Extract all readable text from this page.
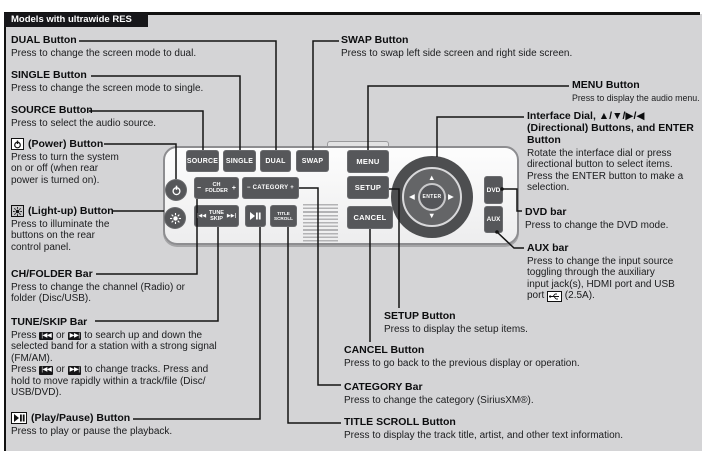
Models with ultrawide RES
DUAL Button
Press to change the screen mode to dual.
SINGLE Button
Press to change the screen mode to single.
SOURCE Button
Press to select the audio source.
(Power) Button
Press to turn the system
on or off (when rear
power is turned on).
(Light-up) Button
Press to illuminate the
buttons on the rear
control panel.
CH/FOLDER Bar
Press to change the channel (Radio) or
folder (Disc/USB).
TUNE/SKIP Bar
Press |◀◀ or ▶▶| to search up and down the
selected band for a station with a strong signal
(FM/AM).
Press |◀◀ or ▶▶| to change tracks. Press and
hold to move rapidly within a track/file (Disc/
USB/DVD).
(Play/Pause) Button
Press to play or pause the playback.
SWAP Button
Press to swap left side screen and right side screen.
MENU Button
Press to display the audio menu.
Interface Dial, ▲/▼/▶/◀
(Directional) Buttons, and ENTER
Button
Rotate the interface dial or press
directional button to select items.
Press the ENTER button to make a
selection.
DVD bar
Press to change the DVD mode.
AUX bar
Press to change the input source
toggling through the auxiliary
input jack(s), HDMI port and USB
port (2.5A).
SETUP Button
Press to display the setup items.
CANCEL Button
Press to go back to the previous display or operation.
CATEGORY Bar
Press to change the category (SiriusXM®).
TITLE SCROLL Button
Press to display the track title, artist, and other text information.
SOURCE	SINGLE	DUAL	SWAP	MENU
−	CH
FOLDER +	− CATEGORY +	SETUP
|◀◀ TUNE
SKIP ▶▶|	TITLE
SCROLL	CANCEL
▲
▼
◀	▶
ENTER
DVD
AUX
